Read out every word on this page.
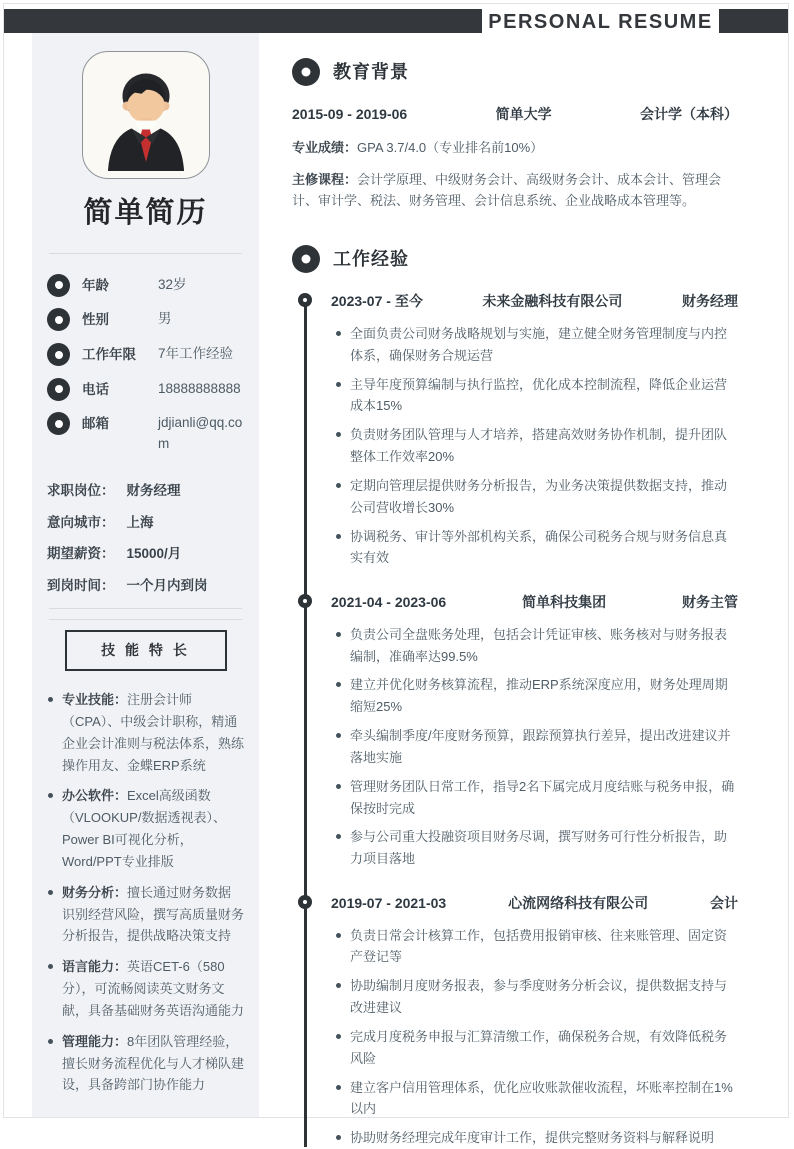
PERSONAL RESUME
简单简历
年龄	32岁
性别	男
工作年限	7年工作经验
电话	18888888888
邮箱	jdjianli@qq.com
求职岗位： 财务经理
意向城市： 上海
期望薪资： 15000/月
到岗时间： 一个月内到岗
技 能 特 长
专业技能：注册会计师（CPA）、中级会计职称，精通企业会计准则与税法体系，熟练操作用友、金蝶ERP系统
办公软件：Excel高级函数（VLOOKUP/数据透视表）、Power BI可视化分析，Word/PPT专业排版
财务分析：擅长通过财务数据识别经营风险，撰写高质量财务分析报告，提供战略决策支持
语言能力：英语CET-6（580分），可流畅阅读英文财务文献，具备基础财务英语沟通能力
管理能力：8年团队管理经验，擅长财务流程优化与人才梯队建设，具备跨部门协作能力
教育背景
2015-09 - 2019-06	简单大学	会计学（本科）

专业成绩：GPA 3.7/4.0（专业排名前10%）

主修课程：会计学原理、中级财务会计、高级财务会计、成本会计、管理会计、审计学、税法、财务管理、会计信息系统、企业战略成本管理等。

工作经验
2023-07 - 至今	未来金融科技有限公司	财务经理
全面负责公司财务战略规划与实施，建立健全财务管理制度与内控体系，确保财务合规运营
主导年度预算编制与执行监控，优化成本控制流程，降低企业运营成本15%
负责财务团队管理与人才培养，搭建高效财务协作机制，提升团队整体工作效率20%
定期向管理层提供财务分析报告，为业务决策提供数据支持，推动公司营收增长30%
协调税务、审计等外部机构关系，确保公司税务合规与财务信息真实有效
2021-04 - 2023-06	简单科技集团	财务主管
负责公司全盘账务处理，包括会计凭证审核、账务核对与财务报表编制，准确率达99.5%
建立并优化财务核算流程，推动ERP系统深度应用，财务处理周期缩短25%
牵头编制季度/年度财务预算，跟踪预算执行差异，提出改进建议并落地实施
管理财务团队日常工作，指导2名下属完成月度结账与税务申报，确保按时完成
参与公司重大投融资项目财务尽调，撰写财务可行性分析报告，助力项目落地
2019-07 - 2021-03	心流网络科技有限公司	会计
负责日常会计核算工作，包括费用报销审核、往来账管理、固定资产登记等
协助编制月度财务报表，参与季度财务分析会议，提供数据支持与改进建议
完成月度税务申报与汇算清缴工作，确保税务合规，有效降低税务风险
建立客户信用管理体系，优化应收账款催收流程，坏账率控制在1%以内
协助财务经理完成年度审计工作，提供完整财务资料与解释说明
